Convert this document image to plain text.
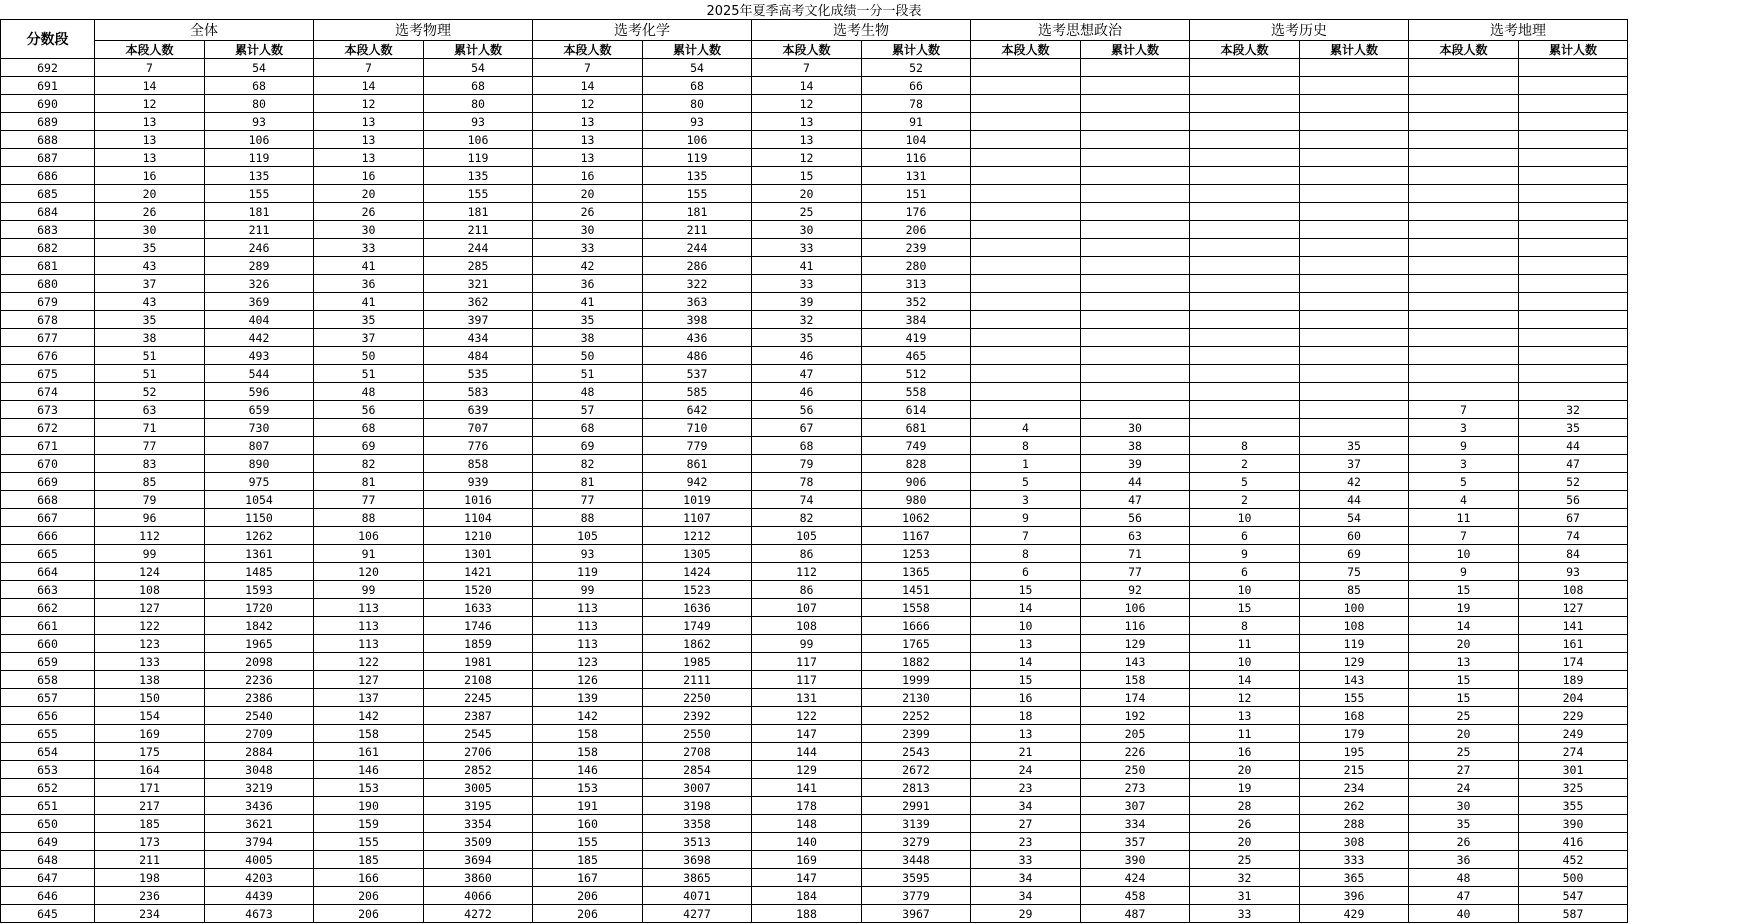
2025年夏季高考文化成绩一分一段表														
分数段	全体		选考物理		选考化学		选考生物		选考思想政治		选考历史		选考地理	
	本段人数	累计人数	本段人数	累计人数	本段人数	累计人数	本段人数	累计人数	本段人数	累计人数	本段人数	累计人数	本段人数	累计人数
692	7	54	7	54	7	54	7	52						
691	14	68	14	68	14	68	14	66						
690	12	80	12	80	12	80	12	78						
689	13	93	13	93	13	93	13	91						
688	13	106	13	106	13	106	13	104						
687	13	119	13	119	13	119	12	116						
686	16	135	16	135	16	135	15	131						
685	20	155	20	155	20	155	20	151						
684	26	181	26	181	26	181	25	176						
683	30	211	30	211	30	211	30	206						
682	35	246	33	244	33	244	33	239						
681	43	289	41	285	42	286	41	280						
680	37	326	36	321	36	322	33	313						
679	43	369	41	362	41	363	39	352						
678	35	404	35	397	35	398	32	384						
677	38	442	37	434	38	436	35	419						
676	51	493	50	484	50	486	46	465						
675	51	544	51	535	51	537	47	512						
674	52	596	48	583	48	585	46	558						
673	63	659	56	639	57	642	56	614					7	32
672	71	730	68	707	68	710	67	681	4	30			3	35
671	77	807	69	776	69	779	68	749	8	38	8	35	9	44
670	83	890	82	858	82	861	79	828	1	39	2	37	3	47
669	85	975	81	939	81	942	78	906	5	44	5	42	5	52
668	79	1054	77	1016	77	1019	74	980	3	47	2	44	4	56
667	96	1150	88	1104	88	1107	82	1062	9	56	10	54	11	67
666	112	1262	106	1210	105	1212	105	1167	7	63	6	60	7	74
665	99	1361	91	1301	93	1305	86	1253	8	71	9	69	10	84
664	124	1485	120	1421	119	1424	112	1365	6	77	6	75	9	93
663	108	1593	99	1520	99	1523	86	1451	15	92	10	85	15	108
662	127	1720	113	1633	113	1636	107	1558	14	106	15	100	19	127
661	122	1842	113	1746	113	1749	108	1666	10	116	8	108	14	141
660	123	1965	113	1859	113	1862	99	1765	13	129	11	119	20	161
659	133	2098	122	1981	123	1985	117	1882	14	143	10	129	13	174
658	138	2236	127	2108	126	2111	117	1999	15	158	14	143	15	189
657	150	2386	137	2245	139	2250	131	2130	16	174	12	155	15	204
656	154	2540	142	2387	142	2392	122	2252	18	192	13	168	25	229
655	169	2709	158	2545	158	2550	147	2399	13	205	11	179	20	249
654	175	2884	161	2706	158	2708	144	2543	21	226	16	195	25	274
653	164	3048	146	2852	146	2854	129	2672	24	250	20	215	27	301
652	171	3219	153	3005	153	3007	141	2813	23	273	19	234	24	325
651	217	3436	190	3195	191	3198	178	2991	34	307	28	262	30	355
650	185	3621	159	3354	160	3358	148	3139	27	334	26	288	35	390
649	173	3794	155	3509	155	3513	140	3279	23	357	20	308	26	416
648	211	4005	185	3694	185	3698	169	3448	33	390	25	333	36	452
647	198	4203	166	3860	167	3865	147	3595	34	424	32	365	48	500
646	236	4439	206	4066	206	4071	184	3779	34	458	31	396	47	547
645	234	4673	206	4272	206	4277	188	3967	29	487	33	429	40	587
